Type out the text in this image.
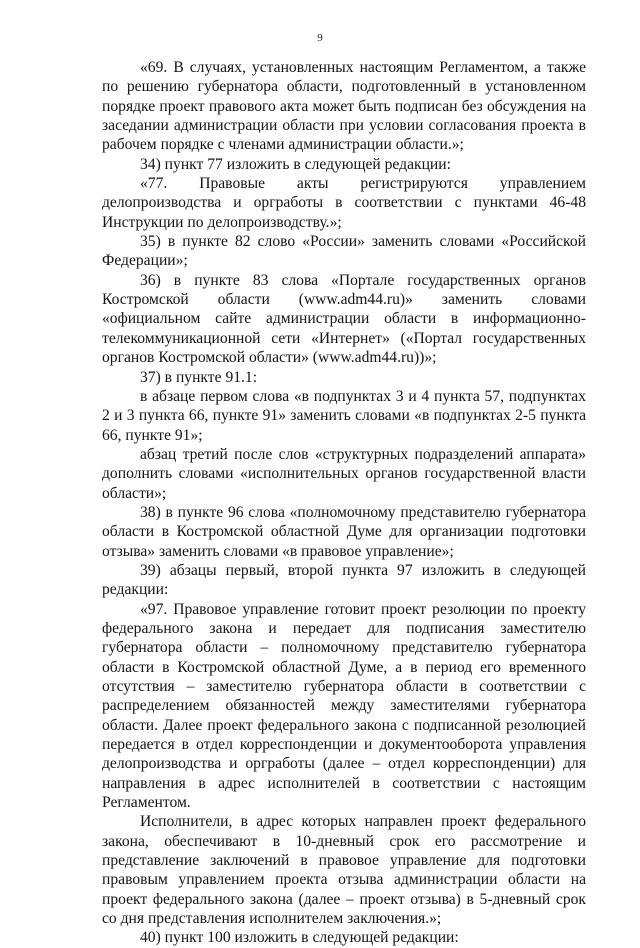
9

«69. В случаях, установленных настоящим Регламентом, а также по решению губернатора области, подготовленный в установленном порядке проект правового акта может быть подписан без обсуждения на заседании администрации области при условии согласования проекта в рабочем порядке с членами администрации области.»;

34) пункт 77 изложить в следующей редакции:

«77. Правовые акты регистрируются управлением делопроизводства и оргработы в соответствии с пунктами 46-48 Инструкции по делопроизводству.»;

35) в пункте 82 слово «России» заменить словами «Российской Федерации»;

36) в пункте 83 слова «Портале государственных органов Костромской области (www.adm44.ru)» заменить словами «официальном сайте администрации области в информационно-телекоммуникационной сети «Интернет» («Портал государственных органов Костромской области» (www.adm44.ru))»;

37) в пункте 91.1:

в абзаце первом слова «в подпунктах 3 и 4 пункта 57, подпунктах 2 и 3 пункта 66, пункте 91» заменить словами «в подпунктах 2-5 пункта 66, пункте 91»;

абзац третий после слов «структурных подразделений аппарата» дополнить словами «исполнительных органов государственной власти области»;

38) в пункте 96 слова «полномочному представителю губернатора области в Костромской областной Думе для организации подготовки отзыва» заменить словами «в правовое управление»;

39) абзацы первый, второй пункта 97 изложить в следующей редакции:

«97. Правовое управление готовит проект резолюции по проекту федерального закона и передает для подписания заместителю губернатора области – полномочному представителю губернатора области в Костромской областной Думе, а в период его временного отсутствия – заместителю губернатора области в соответствии с распределением обязанностей между заместителями губернатора области. Далее проект федерального закона с подписанной резолюцией передается в отдел корреспонденции и документооборота управления делопроизводства и оргработы (далее – отдел корреспонденции) для направления в адрес исполнителей в соответствии с настоящим Регламентом.

Исполнители, в адрес которых направлен проект федерального закона, обеспечивают в 10-дневный срок его рассмотрение и представление заключений в правовое управление для подготовки правовым управлением проекта отзыва администрации области на проект федерального закона (далее – проект отзыва) в 5-дневный срок со дня представления исполнителем заключения.»;

40) пункт 100 изложить в следующей редакции:
